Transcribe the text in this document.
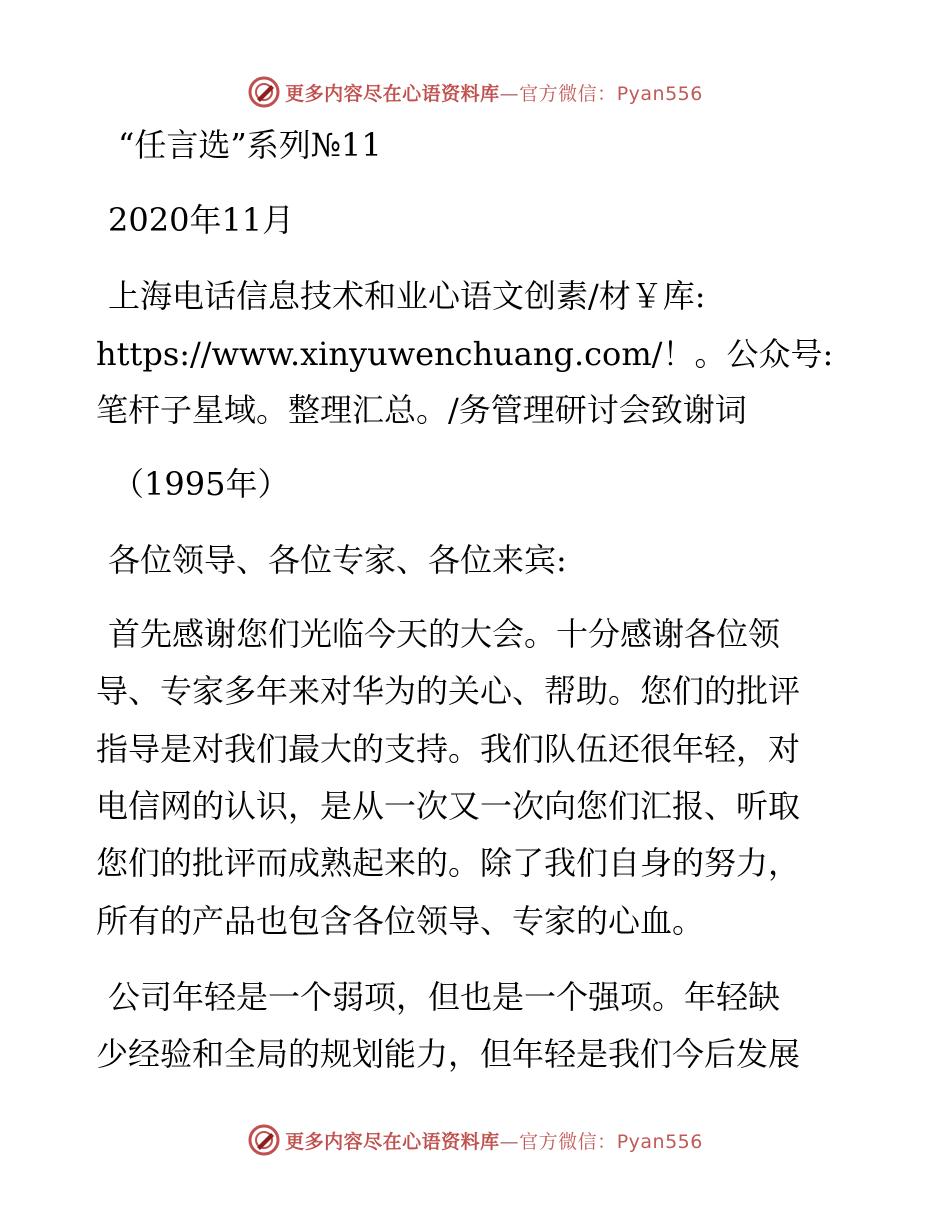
更多内容尽在心语资料库—官方微信：Pyan556
“任言选”系列№11
2020年11月
上海电话信息技术和业心语文创素/材￥库:
https://www.xinyuwenchuang.com/！。公众号:
笔杆子星域。整理汇总。/务管理研讨会致谢词
（1995年）
各位领导、各位专家、各位来宾:
首先感谢您们光临今天的大会。十分感谢各位领
导、专家多年来对华为的关心、帮助。您们的批评
指导是对我们最大的支持。我们队伍还很年轻，对
电信网的认识，是从一次又一次向您们汇报、听取
您们的批评而成熟起来的。除了我们自身的努力，
所有的产品也包含各位领导、专家的心血。
公司年轻是一个弱项，但也是一个强项。年轻缺
少经验和全局的规划能力，但年轻是我们今后发展
更多内容尽在心语资料库—官方微信：Pyan556
